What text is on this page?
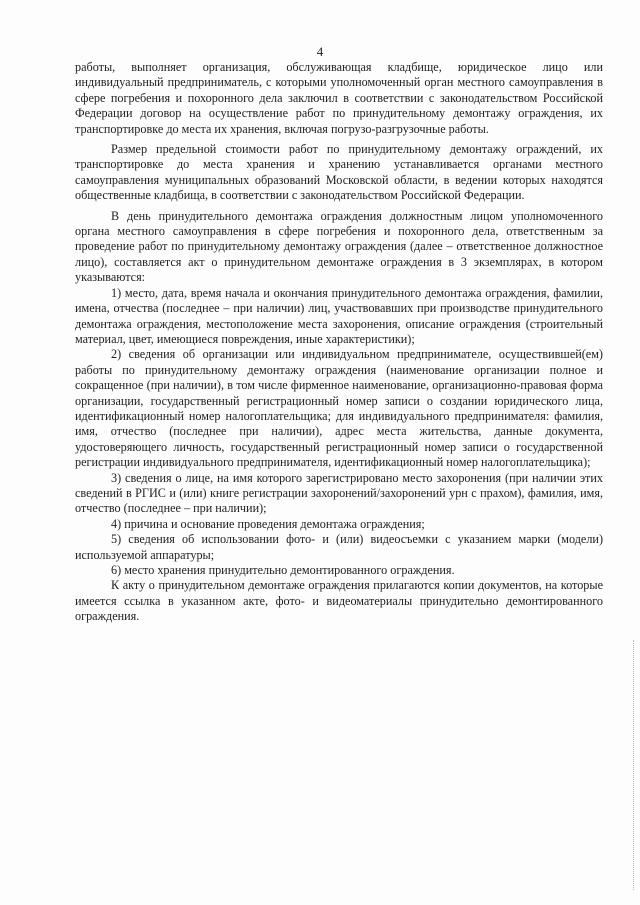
4

работы, выполняет организация, обслуживающая кладбище, юридическое лицо или индивидуальный предприниматель, с которыми уполномоченный орган местного самоуправления в сфере погребения и похоронного дела заключил в соответствии с законодательством Российской Федерации договор на осуществление работ по принудительному демонтажу ограждения, их транспортировке до места их хранения, включая погрузо-разгрузочные работы.

Размер предельной стоимости работ по принудительному демонтажу ограждений, их транспортировке до места хранения и хранению устанавливается органами местного самоуправления муниципальных образований Московской области, в ведении которых находятся общественные кладбища, в соответствии с законодательством Российской Федерации.

В день принудительного демонтажа ограждения должностным лицом уполномоченного органа местного самоуправления в сфере погребения и похоронного дела, ответственным за проведение работ по принудительному демонтажу ограждения (далее – ответственное должностное лицо), составляется акт о принудительном демонтаже ограждения в 3 экземплярах, в котором указываются:

1) место, дата, время начала и окончания принудительного демонтажа ограждения, фамилии, имена, отчества (последнее – при наличии) лиц, участвовавших при производстве принудительного демонтажа ограждения, местоположение места захоронения, описание ограждения (строительный материал, цвет, имеющиеся повреждения, иные характеристики);

2) сведения об организации или индивидуальном предпринимателе, осуществившей(ем) работы по принудительному демонтажу ограждения (наименование организации полное и сокращенное (при наличии), в том числе фирменное наименование, организационно-правовая форма организации, государственный регистрационный номер записи о создании юридического лица, идентификационный номер налогоплательщика; для индивидуального предпринимателя: фамилия, имя, отчество (последнее при наличии), адрес места жительства, данные документа, удостоверяющего личность, государственный регистрационный номер записи о государственной регистрации индивидуального предпринимателя, идентификационный номер налогоплательщика);

3) сведения о лице, на имя которого зарегистрировано место захоронения (при наличии этих сведений в РГИС и (или) книге регистрации захоронений/захоронений урн с прахом), фамилия, имя, отчество (последнее – при наличии);

4) причина и основание проведения демонтажа ограждения;

5) сведения об использовании фото- и (или) видеосъемки с указанием марки (модели) используемой аппаратуры;

6) место хранения принудительно демонтированного ограждения.

К акту о принудительном демонтаже ограждения прилагаются копии документов, на которые имеется ссылка в указанном акте, фото- и видеоматериалы принудительно демонтированного ограждения.
